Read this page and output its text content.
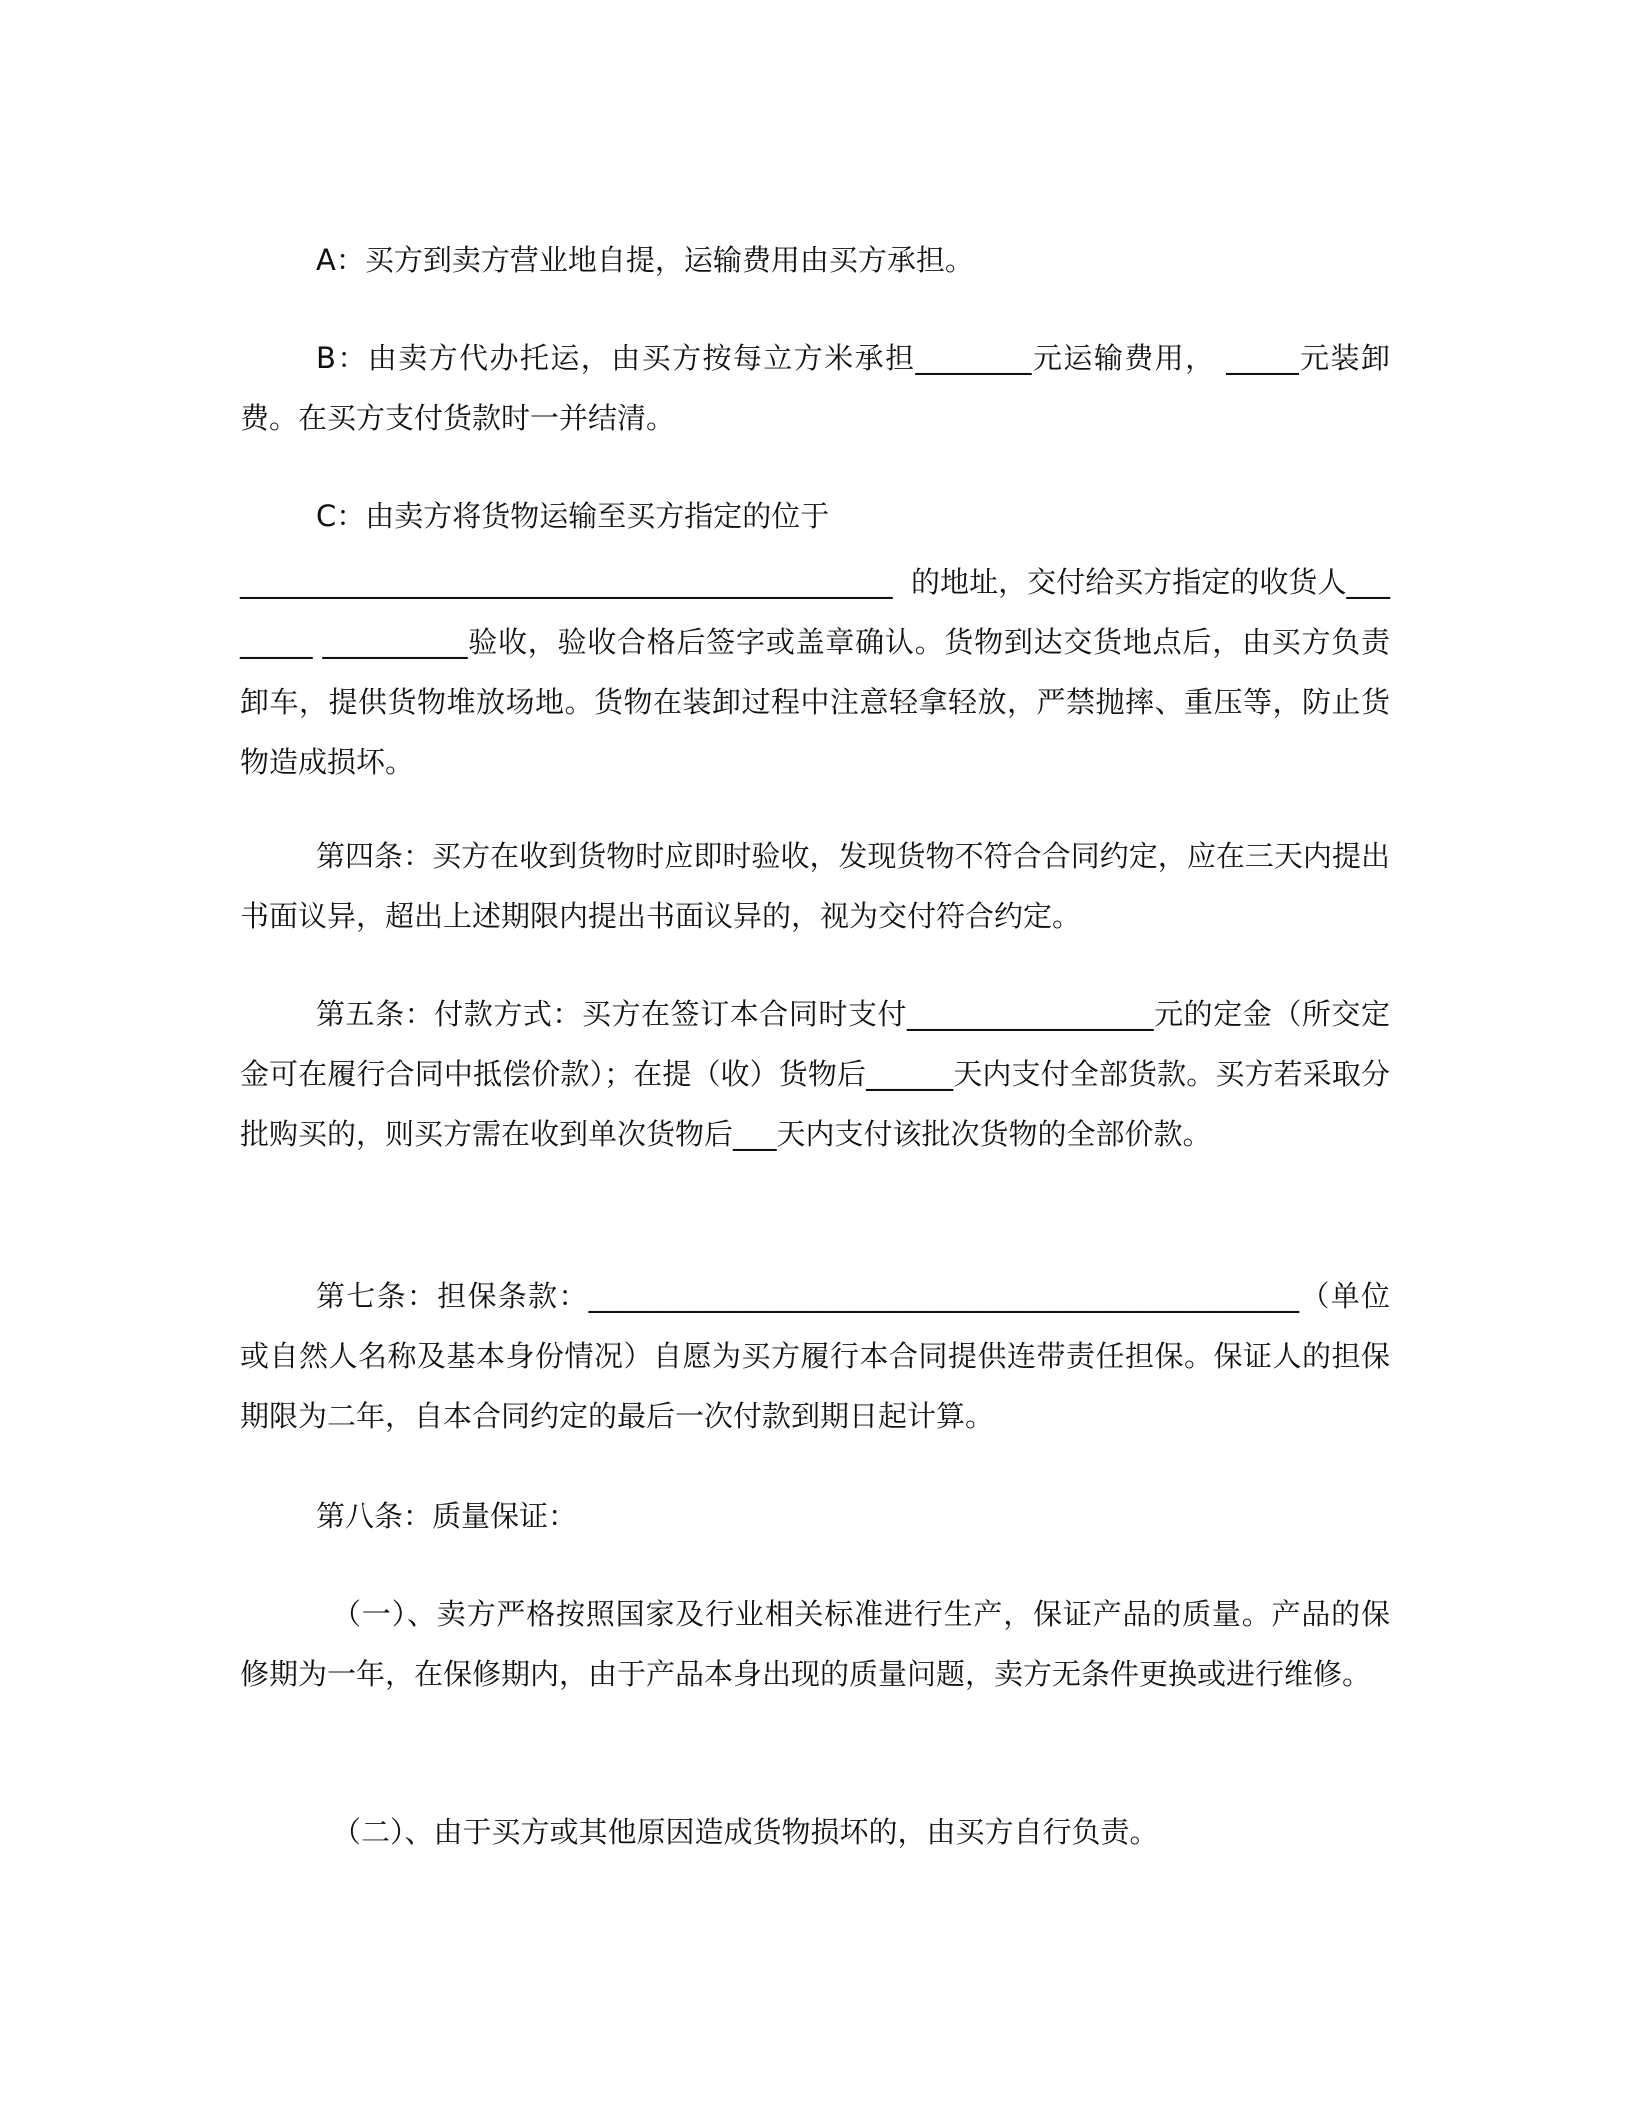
A：买方到卖方营业地自提，运输费用由买方承担。

B：由卖方代办托运，由买方按每立方米承担________元运输费用， _____元装卸费。在买方支付货款时一并结清。

C：由卖方将货物运输至买方指定的位于

_____________________________________________  的地址，交付给买方指定的收货人________ __________验收，验收合格后签字或盖章确认。货物到达交货地点后，由买方负责卸车，提供货物堆放场地。货物在装卸过程中注意轻拿轻放，严禁抛摔、重压等，防止货物造成损坏。

第四条：买方在收到货物时应即时验收，发现货物不符合合同约定，应在三天内提出书面议异，超出上述期限内提出书面议异的，视为交付符合约定。

第五条：付款方式：买方在签订本合同时支付_________________元的定金（所交定金可在履行合同中抵偿价款）；在提（收）货物后______天内支付全部货款。买方若采取分批购买的，则买方需在收到单次货物后___天内支付该批次货物的全部价款。

第七条：担保条款：_________________________________________________（单位或自然人名称及基本身份情况）自愿为买方履行本合同提供连带责任担保。保证人的担保期限为二年，自本合同约定的最后一次付款到期日起计算。

第八条：质量保证：

（一）、卖方严格按照国家及行业相关标准进行生产，保证产品的质量。产品的保修期为一年，在保修期内，由于产品本身出现的质量问题，卖方无条件更换或进行维修。

（二）、由于买方或其他原因造成货物损坏的，由买方自行负责。
